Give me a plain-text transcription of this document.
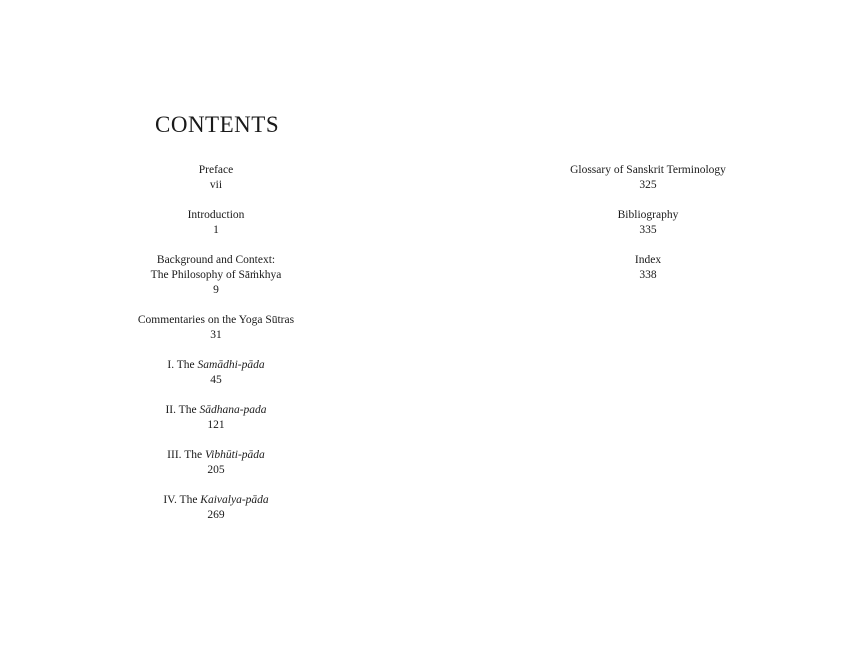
CONTENTS
Preface
vii
Introduction
1
Background and Context:
The Philosophy of Sāṁkhya
9
Commentaries on the Yoga Sūtras
31
I. The Samādhi-pāda
45
II. The Sādhana-pada
121
III. The Vibhūti-pāda
205
IV. The Kaivalya-pāda
269
Glossary of Sanskrit Terminology
325
Bibliography
335
Index
338
